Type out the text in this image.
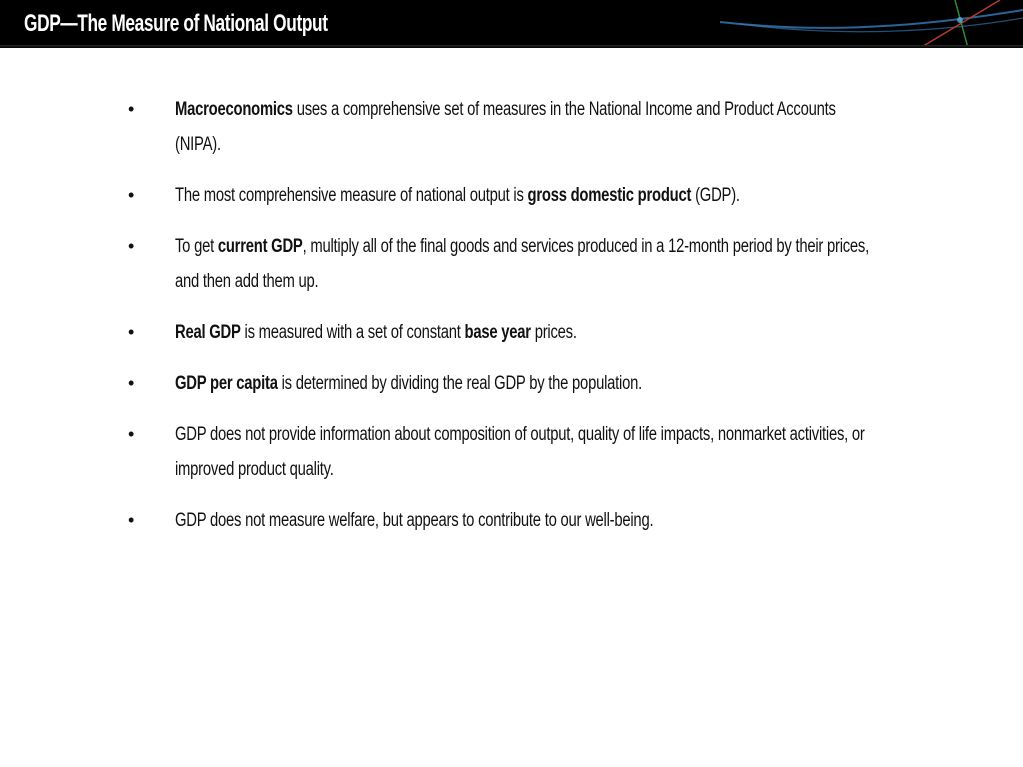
GDP—The Measure of National Output
• Macroeconomics uses a comprehensive set of measures in the National Income and Product Accounts (NIPA).
• The most comprehensive measure of national output is gross domestic product (GDP).
• To get current GDP, multiply all of the final goods and services produced in a 12-month period by their prices, and then add them up.
• Real GDP is measured with a set of constant base year prices.
• GDP per capita is determined by dividing the real GDP by the population.
• GDP does not provide information about composition of output, quality of life impacts, nonmarket activities, or improved product quality.
• GDP does not measure welfare, but appears to contribute to our well-being.
